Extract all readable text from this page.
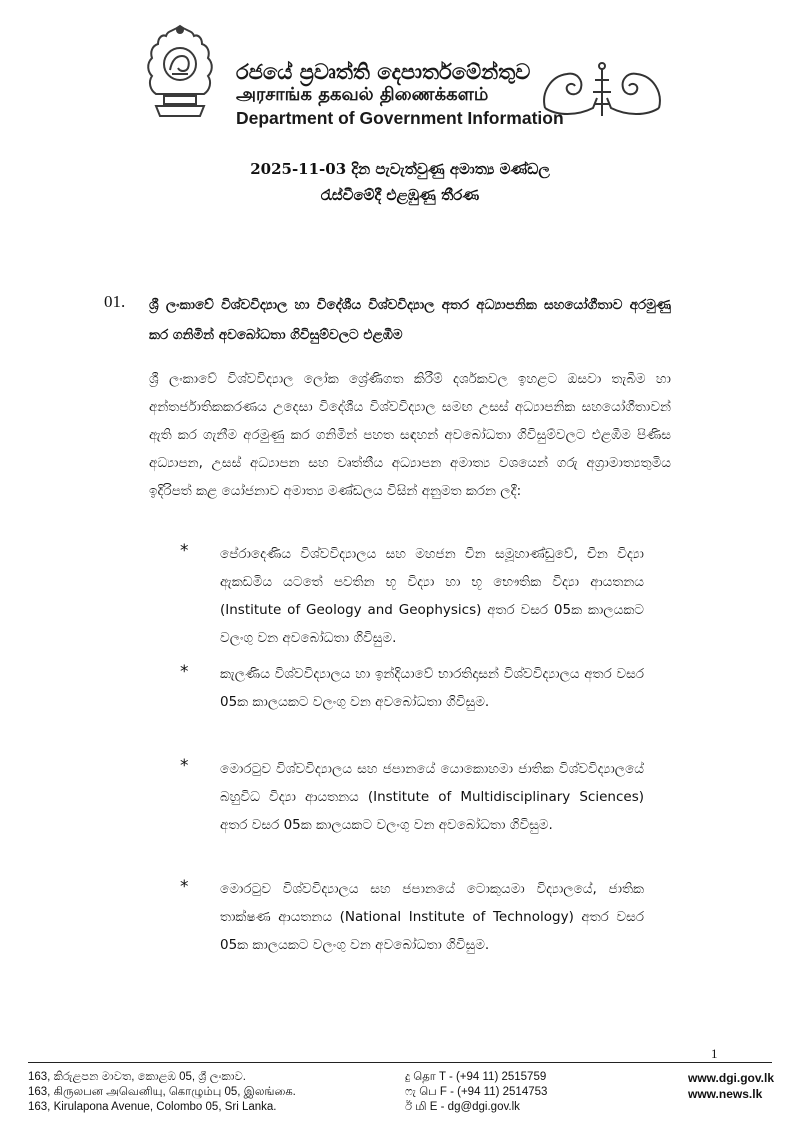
රජයේ ප්‍රවෘත්ති දෙපාර්තමේන්තුව
அரசாங்க தகவல் திணைக்களம்
Department of Government Information
2025-11-03 දින පැවැත්වුණු අමාත්‍ය මණ්ඩල
රැස්වීමේදී එළඹුණු තීරණ
01. ශ්‍රී ලංකාවේ විශ්වවිද්‍යාල හා විදේශීය විශ්වවිද්‍යාල අතර අධ්‍යාපනික සහයෝගීතාව අරමුණු කර ගනිමින් අවබෝධතා ගිවිසුම්වලට එළඹීම
ශ්‍රී ලංකාවේ විශ්වවිද්‍යාල ලෝක ශ්‍රේණිගත කිරීම් දර්ශකවල ඉහළට ඔසවා තැබීම හා අන්තර්ජාතිකකරණය උදෙසා විදේශීය විශ්වවිද්‍යාල සමඟ උසස් අධ්‍යාපනික සහයෝගීතාවන් ඇති කර ගැනීම අරමුණු කර ගනිමින් පහත සඳහන් අවබෝධතා ගිවිසුම්වලට එළඹීම පිණිස අධ්‍යාපන, උසස් අධ්‍යාපන සහ වෘත්තීය අධ්‍යාපන අමාත්‍ය වශයෙන් ගරු අග්‍රාමාත්‍යතුමිය ඉදිරිපත් කළ යෝජනාව අමාත්‍ය මණ්ඩලය විසින් අනුමත කරන ලදී:
* පේරාදෙණිය විශ්වවිද්‍යාලය සහ මහජන චීන සමූහාණ්ඩුවේ, චීන විද්‍යා ඇකඩමිය යටතේ පවතින භූ විද්‍යා හා භූ භෞතික විද්‍යා ආයතනය (Institute of Geology and Geophysics) අතර වසර 05ක කාලයකට වලංගු වන අවබෝධතා ගිවිසුම.
* කැලණිය විශ්වවිද්‍යාලය හා ඉන්දියාවේ භාරතිදාසන් විශ්වවිද්‍යාලය අතර වසර 05ක කාලයකට වලංගු වන අවබෝධතා ගිවිසුම.
* මොරටුව විශ්වවිද්‍යාලය සහ ජපානයේ යොකොහමා ජාතික විශ්වවිද්‍යාලයේ බහුවිධ විද්‍යා ආයතනය (Institute of Multidisciplinary Sciences) අතර වසර 05ක කාලයකට වලංගු වන අවබෝධතා ගිවිසුම.
* මොරටුව විශ්වවිද්‍යාලය සහ ජපානයේ ටොකුයමා විද්‍යාලයේ, ජාතික තාක්ෂණ ආයතනය (National Institute of Technology) අතර වසර 05ක කාලයකට වලංගු වන අවබෝධතා ගිවිසුම.
1
163, කිරුළපන මාවත, කොළඹ 05, ශ්‍රී ලංකාව.
163, கிருலபன அவெனியு, கொழும்பு 05, இலங்கை.
163, Kirulapona Avenue, Colombo 05, Sri Lanka.
දු தொ T - (+94 11) 2515759
ෆැ பெ F - (+94 11) 2514753
ඊ மி E - dg@dgi.gov.lk
www.dgi.gov.lk
www.news.lk
